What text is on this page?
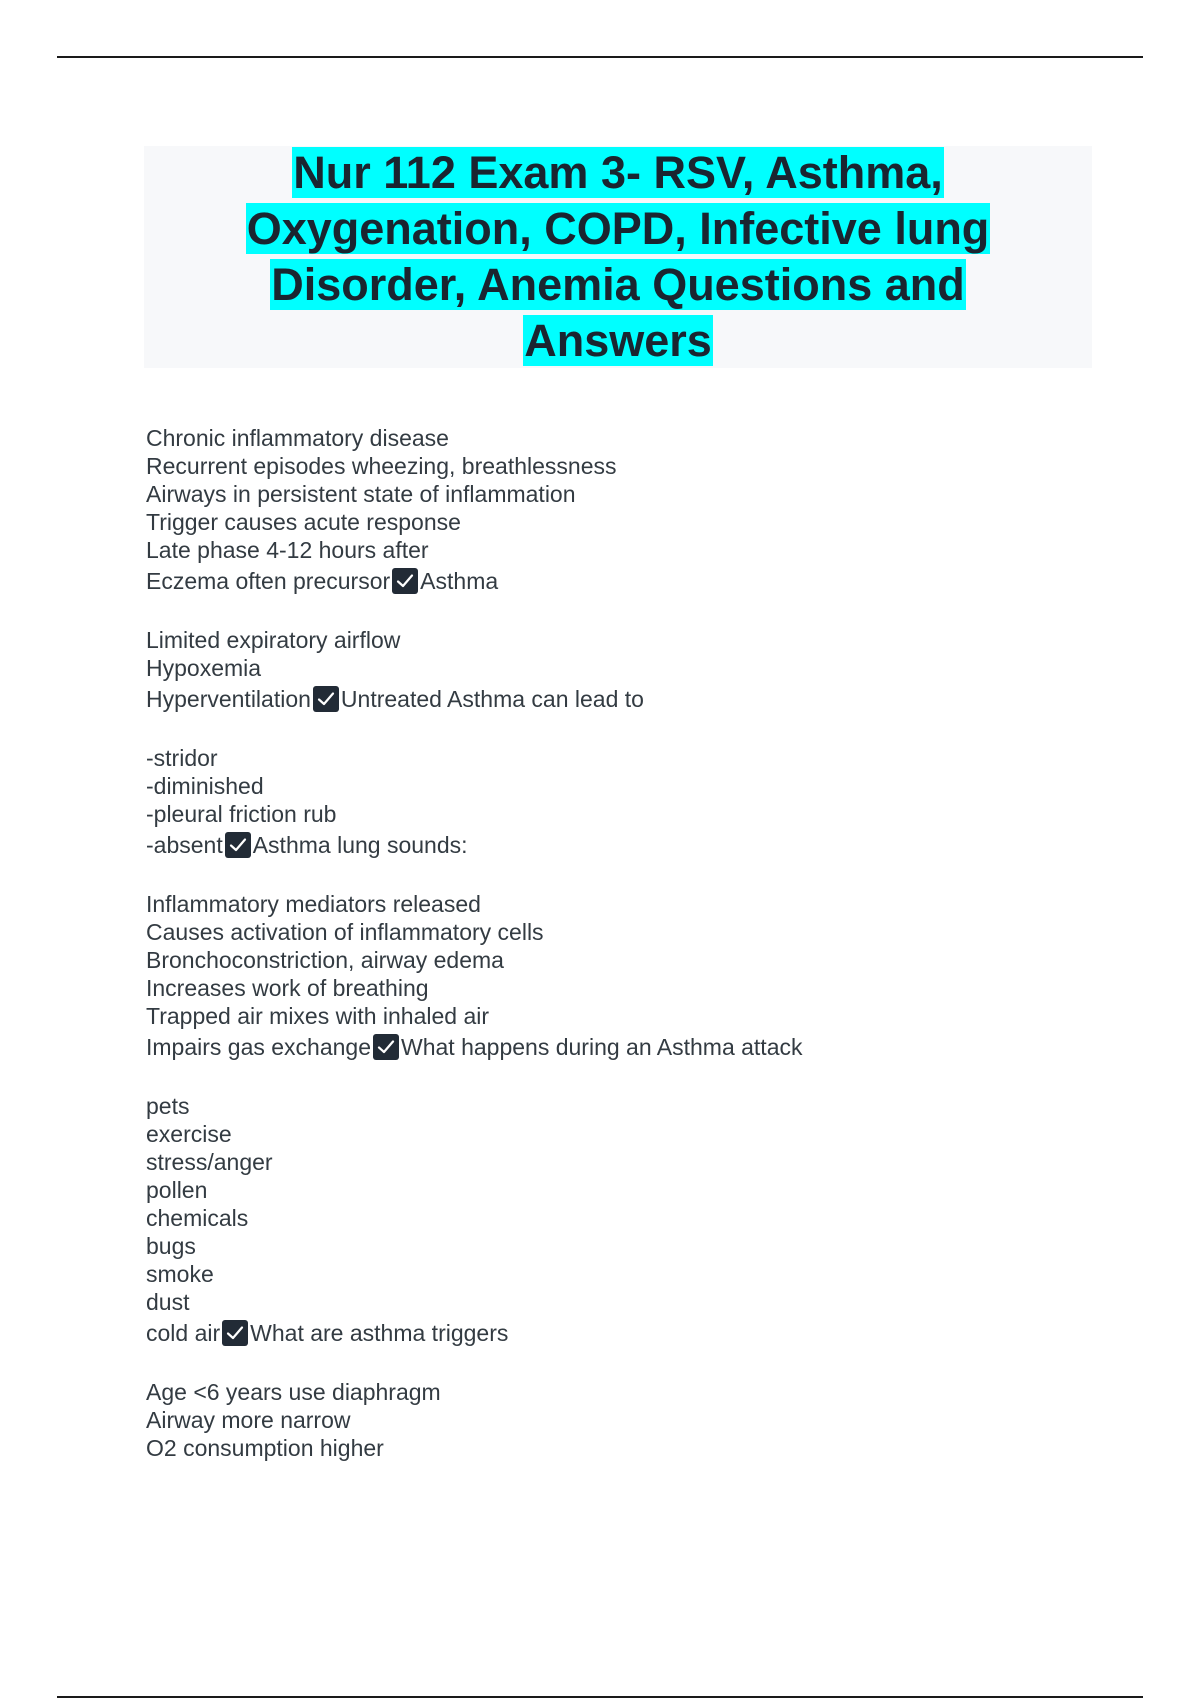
Nur 112 Exam 3- RSV, Asthma,
Oxygenation, COPD, Infective lung
Disorder, Anemia Questions and
Answers
Chronic inflammatory disease
Recurrent episodes wheezing, breathlessness
Airways in persistent state of inflammation
Trigger causes acute response
Late phase 4-12 hours after
Eczema often precursor Asthma
Limited expiratory airflow
Hypoxemia
Hyperventilation Untreated Asthma can lead to
-stridor
-diminished
-pleural friction rub
-absent Asthma lung sounds:
Inflammatory mediators released
Causes activation of inflammatory cells
Bronchoconstriction, airway edema
Increases work of breathing
Trapped air mixes with inhaled air
Impairs gas exchange What happens during an Asthma attack
pets
exercise
stress/anger
pollen
chemicals
bugs
smoke
dust
cold air What are asthma triggers
Age <6 years use diaphragm
Airway more narrow
O2 consumption higher
